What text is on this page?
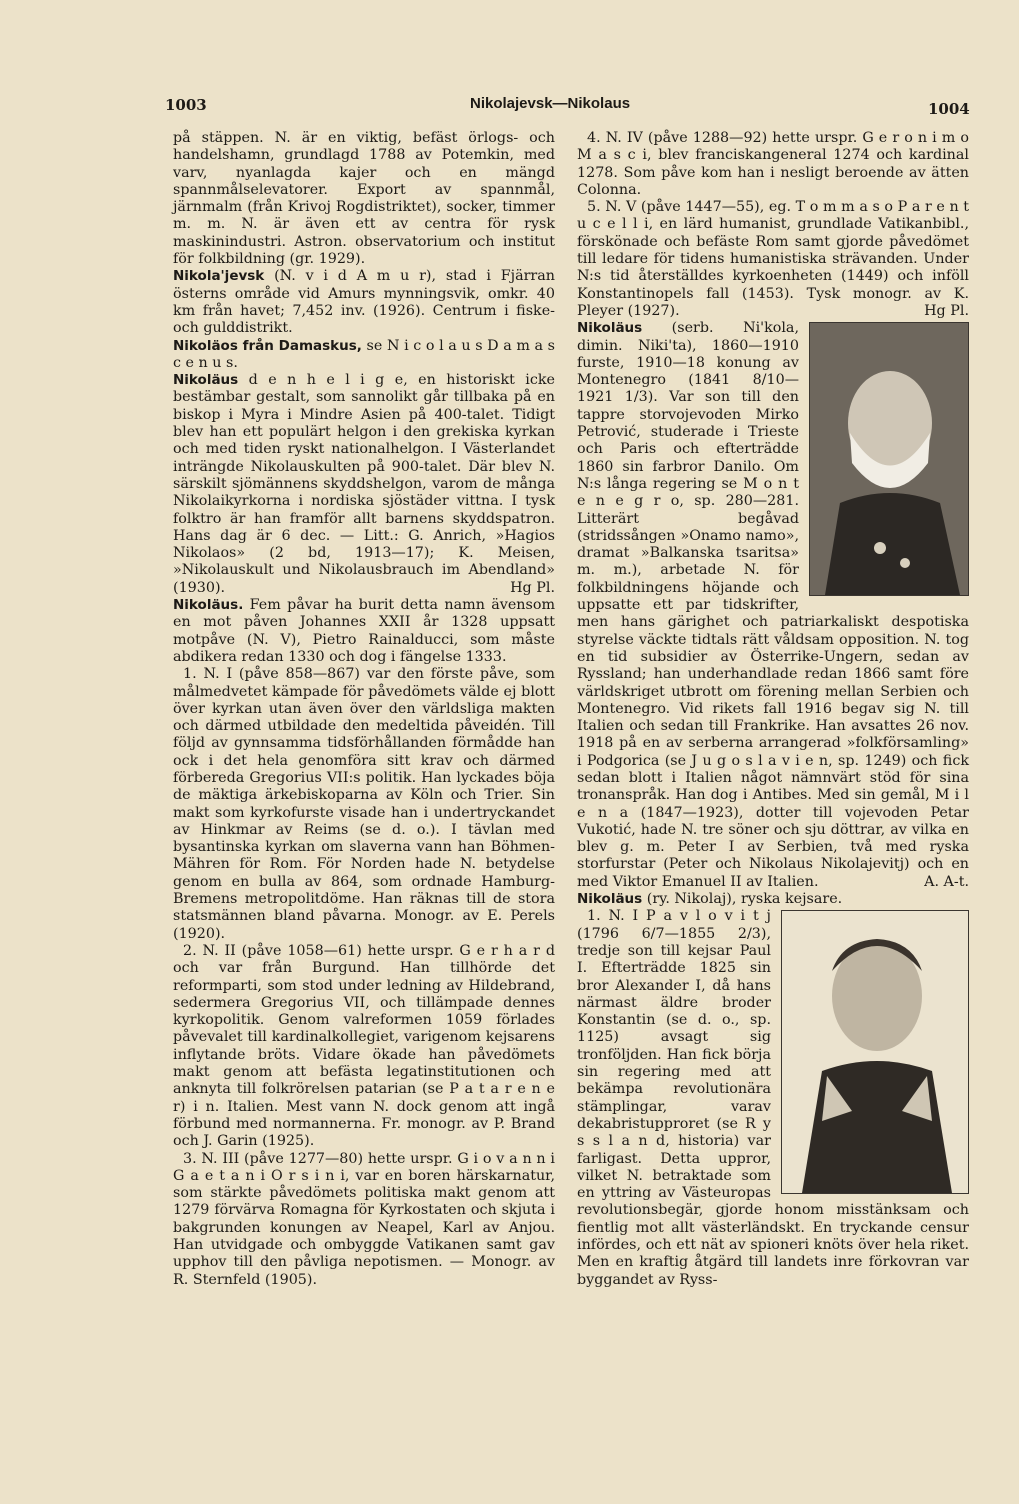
1003	Nikolajevsk—Nikolaus	1004

på stäppen. N. är en viktig, befäst örlogs- och handelshamn, grundlagd 1788 av Potemkin, med varv, nyanlagda kajer och en mängd spannmålselevatorer. Export av spannmål, järnmalm (från Krivoj Rogdistriktet), socker, timmer m. m. N. är även ett av centra för rysk maskinindustri. Astron. observatorium och institut för folkbildning (gr. 1929).

Nikola'jevsk (N. v i d A m u r), stad i Fjärran österns område vid Amurs mynningsvik, omkr. 40 km från havet; 7,452 inv. (1926). Centrum i fiske- och gulddistrikt.

Nikoläos från Damaskus, se N i c o l a u s D a m a s c e n u s.

Nikoläus d e n h e l i g e, en historiskt icke bestämbar gestalt, som sannolikt går tillbaka på en biskop i Myra i Mindre Asien på 400-talet. Tidigt blev han ett populärt helgon i den grekiska kyrkan och med tiden ryskt nationalhelgon. I Västerlandet inträngde Nikolauskulten på 900-talet. Där blev N. särskilt sjömännens skyddshelgon, varom de många Nikolaikyrkorna i nordiska sjöstäder vittna. I tysk folktro är han framför allt barnens skyddspatron. Hans dag är 6 dec. — Litt.: G. Anrich, »Hagios Nikolaos» (2 bd, 1913—17); K. Meisen, »Nikolauskult und Nikolausbrauch im Abendland» (1930).	Hg Pl.

Nikoläus. Fem påvar ha burit detta namn ävensom en mot påven Johannes XXII år 1328 uppsatt motpåve (N. V), Pietro Rainalducci, som måste abdikera redan 1330 och dog i fängelse 1333.

1. N. I (påve 858—867) var den förste påve, som målmedvetet kämpade för påvedömets välde ej blott över kyrkan utan även över den världsliga makten och därmed utbildade den medeltida påveidén. Till följd av gynnsamma tidsförhållanden förmådde han ock i det hela genomföra sitt krav och därmed förbereda Gregorius VII:s politik. Han lyckades böja de mäktiga ärkebiskoparna av Köln och Trier. Sin makt som kyrkofurste visade han i undertryckandet av Hinkmar av Reims (se d. o.). I tävlan med bysantinska kyrkan om slaverna vann han Böhmen-Mähren för Rom. För Norden hade N. betydelse genom en bulla av 864, som ordnade Hamburg-Bremens metropolitdöme. Han räknas till de stora statsmännen bland påvarna. Monogr. av E. Perels (1920).

2. N. II (påve 1058—61) hette urspr. G e r h a r d och var från Burgund. Han tillhörde det reformparti, som stod under ledning av Hildebrand, sedermera Gregorius VII, och tillämpade dennes kyrkopolitik. Genom valreformen 1059 förlades påvevalet till kardinalkollegiet, varigenom kejsarens inflytande bröts. Vidare ökade han påvedömets makt genom att befästa legatinstitutionen och anknyta till folkrörelsen patarian (se P a t a r e n e r) i n. Italien. Mest vann N. dock genom att ingå förbund med normannerna. Fr. monogr. av P. Brand och J. Garin (1925).

3. N. III (påve 1277—80) hette urspr. G i o v a n n i G a e t a n i O r s i n i, var en boren härskarnatur, som stärkte påvedömets politiska makt genom att 1279 förvärva Romagna för Kyrkostaten och skjuta i bakgrunden konungen av Neapel, Karl av Anjou. Han utvidgade och ombyggde Vatikanen samt gav upphov till den påvliga nepotismen. — Monogr. av R. Sternfeld (1905).

4. N. IV (påve 1288—92) hette urspr. G e r o n i m o M a s c i, blev franciskangeneral 1274 och kardinal 1278. Som påve kom han i nesligt beroende av ätten Colonna.

5. N. V (påve 1447—55), eg. T o m m a s o P a r e n t u c e l l i, en lärd humanist, grundlade Vatikanbibl., förskönade och befäste Rom samt gjorde påvedömet till ledare för tidens humanistiska strävanden. Under N:s tid återställdes kyrkoenheten (1449) och inföll Konstantinopels fall (1453). Tysk monogr. av K. Pleyer (1927).	Hg Pl.

Nikoläus (serb. Ni'kola, dimin. Niki'ta), 1860—1910 furste, 1910—18 konung av Montenegro (1841 8/10—1921 1/3). Var son till den tappre storvojevoden Mirko Petrović, studerade i Trieste och Paris och efterträdde 1860 sin farbror Danilo. Om N:s långa regering se M o n t e n e g r o, sp. 280—281. Litterärt begåvad (stridssången »Onamo namo», dramat »Balkanska tsaritsa» m. m.), arbetade N. för folkbildningens höjande och uppsatte ett par tidskrifter, men hans gärighet och patriarkaliskt despotiska styrelse väckte tidtals rätt våldsam opposition. N. tog en tid subsidier av Österrike-Ungern, sedan av Ryssland; han underhandlade redan 1866 samt före världskriget utbrott om förening mellan Serbien och Montenegro. Vid rikets fall 1916 begav sig N. till Italien och sedan till Frankrike. Han avsattes 26 nov. 1918 på en av serberna arrangerad »folkförsamling» i Podgorica (se J u g o s l a v i e n, sp. 1249) och fick sedan blott i Italien något nämnvärt stöd för sina tronanspråk. Han dog i Antibes. Med sin gemål, M i l e n a (1847—1923), dotter till vojevoden Petar Vukotić, hade N. tre söner och sju döttrar, av vilka en blev g. m. Peter I av Serbien, två med ryska storfurstar (Peter och Nikolaus Nikolajevitj) och en med Viktor Emanuel II av Italien.	A. A-t.

Nikoläus (ry. Nikolaj), ryska kejsare.

1. N. I P a v l o v i t j (1796 6/7—1855 2/3), tredje son till kejsar Paul I. Efterträdde 1825 sin bror Alexander I, då hans närmast äldre broder Konstantin (se d. o., sp. 1125) avsagt sig tronföljden. Han fick börja sin regering med att bekämpa revolutionära stämplingar, varav dekabristupproret (se R y s s l a n d, historia) var farligast. Detta uppror, vilket N. betraktade som en yttring av Västeuropas revolutionsbegär, gjorde honom misstänksam och fientlig mot allt västerländskt. En tryckande censur infördes, och ett nät av spioneri knöts över hela riket. Men en kraftig åtgärd till landets inre förkovran var byggandet av Ryss-
